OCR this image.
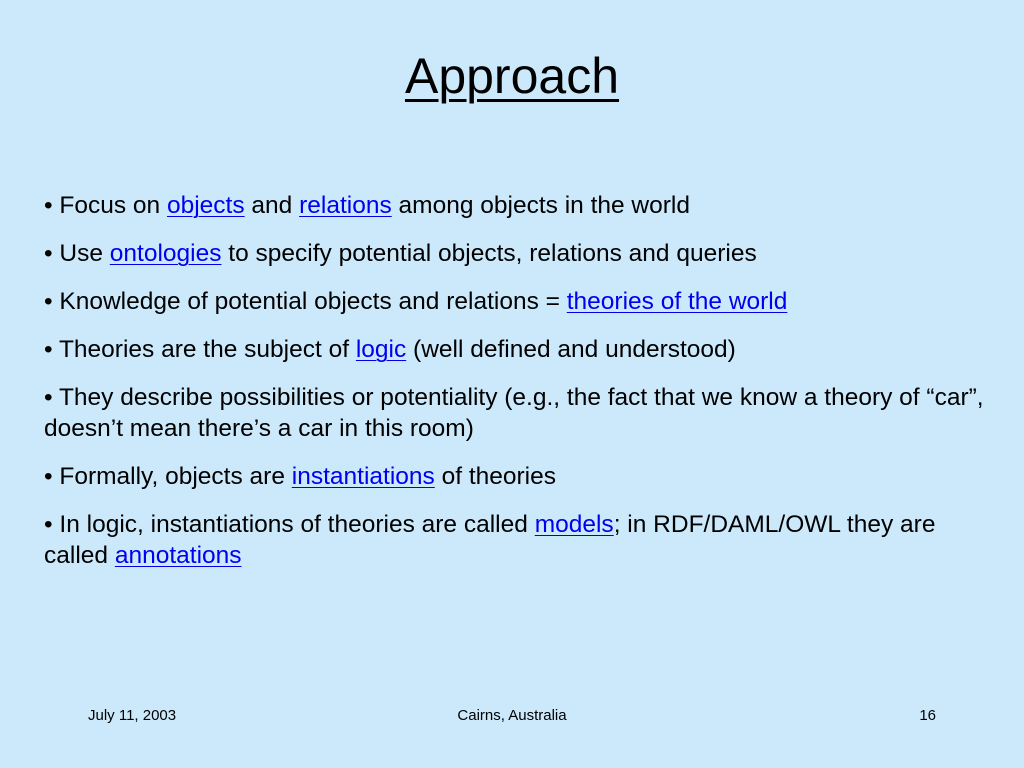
Approach
• Focus on objects and relations among objects in the world
• Use ontologies to specify potential objects, relations and queries
• Knowledge of potential objects and relations = theories of the world
• Theories are the subject of logic (well defined and understood)
• They describe possibilities or potentiality (e.g., the fact that we know a theory of “car”, doesn’t mean there’s a car in this room)
• Formally, objects are instantiations of theories
• In logic, instantiations of theories are called models; in RDF/DAML/OWL they are called annotations
July 11, 2003	Cairns, Australia	16
